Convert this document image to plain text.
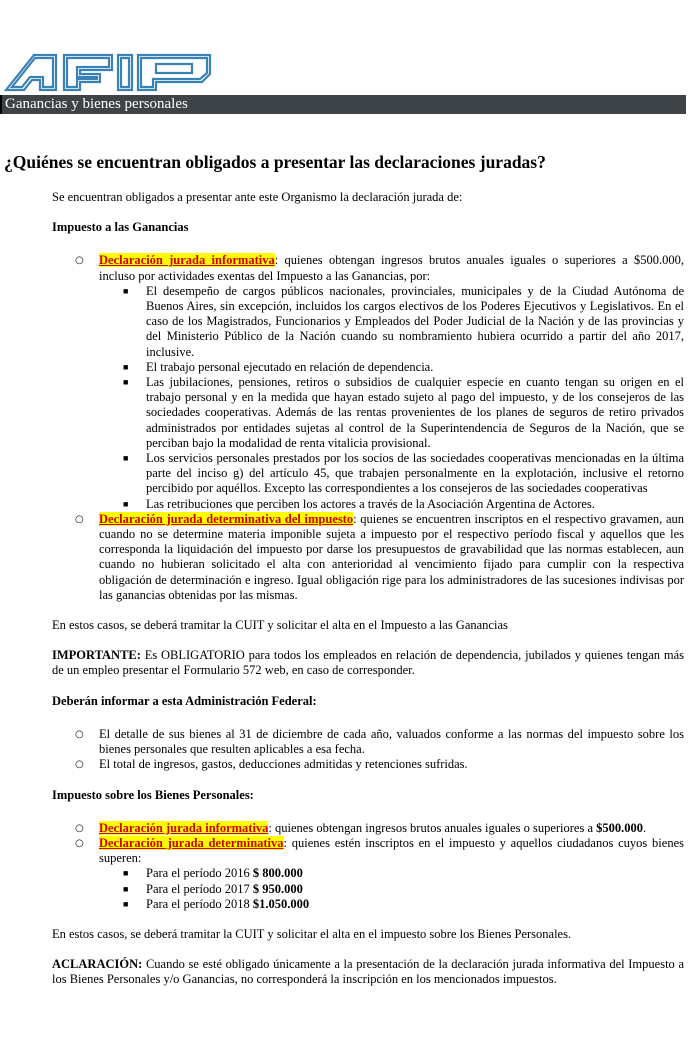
Ganancias y bienes personales
¿Quiénes se encuentran obligados a presentar las declaraciones juradas?

Se encuentran obligados a presentar ante este Organismo la declaración jurada de:

Impuesto a las Ganancias

○ Declaración jurada informativa: quienes obtengan ingresos brutos anuales iguales o superiores a $500.000, incluso por actividades exentas del Impuesto a las Ganancias, por:
■ El desempeño de cargos públicos nacionales, provinciales, municipales y de la Ciudad Autónoma de Buenos Aires, sin excepción, incluidos los cargos electivos de los Poderes Ejecutivos y Legislativos. En el caso de los Magistrados, Funcionarios y Empleados del Poder Judicial de la Nación y de las provincias y del Ministerio Público de la Nación cuando su nombramiento hubiera ocurrido a partir del año 2017, inclusive.
■ El trabajo personal ejecutado en relación de dependencia.
■ Las jubilaciones, pensiones, retiros o subsidios de cualquier especie en cuanto tengan su origen en el trabajo personal y en la medida que hayan estado sujeto al pago del impuesto, y de los consejeros de las sociedades cooperativas. Además de las rentas provenientes de los planes de seguros de retiro privados administrados por entidades sujetas al control de la Superintendencia de Seguros de la Nación, que se perciban bajo la modalidad de renta vitalicia provisional.
■ Los servicios personales prestados por los socios de las sociedades cooperativas mencionadas en la última parte del inciso g) del artículo 45, que trabajen personalmente en la explotación, inclusive el retorno percibido por aquéllos. Excepto las correspondientes a los consejeros de las sociedades cooperativas
■ Las retribuciones que perciben los actores a través de la Asociación Argentina de Actores.
○ Declaración jurada determinativa del impuesto: quienes se encuentren inscriptos en el respectivo gravamen, aun cuando no se determine materia imponible sujeta a impuesto por el respectivo período fiscal y aquellos que les corresponda la liquidación del impuesto por darse los presupuestos de gravabilidad que las normas establecen, aun cuando no hubieran solicitado el alta con anterioridad al vencimiento fijado para cumplir con la respectiva obligación de determinación e ingreso. Igual obligación rige para los administradores de las sucesiones indivisas por las ganancias obtenidas por las mismas.

En estos casos, se deberá tramitar la CUIT y solicitar el alta en el Impuesto a las Ganancias

IMPORTANTE: Es OBLIGATORIO para todos los empleados en relación de dependencia, jubilados y quienes tengan más de un empleo presentar el Formulario 572 web, en caso de corresponder.

Deberán informar a esta Administración Federal:

○ El detalle de sus bienes al 31 de diciembre de cada año, valuados conforme a las normas del impuesto sobre los bienes personales que resulten aplicables a esa fecha.
○ El total de ingresos, gastos, deducciones admitidas y retenciones sufridas.

Impuesto sobre los Bienes Personales:

○ Declaración jurada informativa: quienes obtengan ingresos brutos anuales iguales o superiores a $500.000.
○ Declaración jurada determinativa: quienes estén inscriptos en el impuesto y aquellos ciudadanos cuyos bienes superen:
■ Para el período 2016 $ 800.000
■ Para el período 2017 $ 950.000
■ Para el período 2018 $1.050.000

En estos casos, se deberá tramitar la CUIT y solicitar el alta en el impuesto sobre los Bienes Personales.

ACLARACIÓN: Cuando se esté obligado únicamente a la presentación de la declaración jurada informativa del Impuesto a los Bienes Personales y/o Ganancias, no corresponderá la inscripción en los mencionados impuestos.
